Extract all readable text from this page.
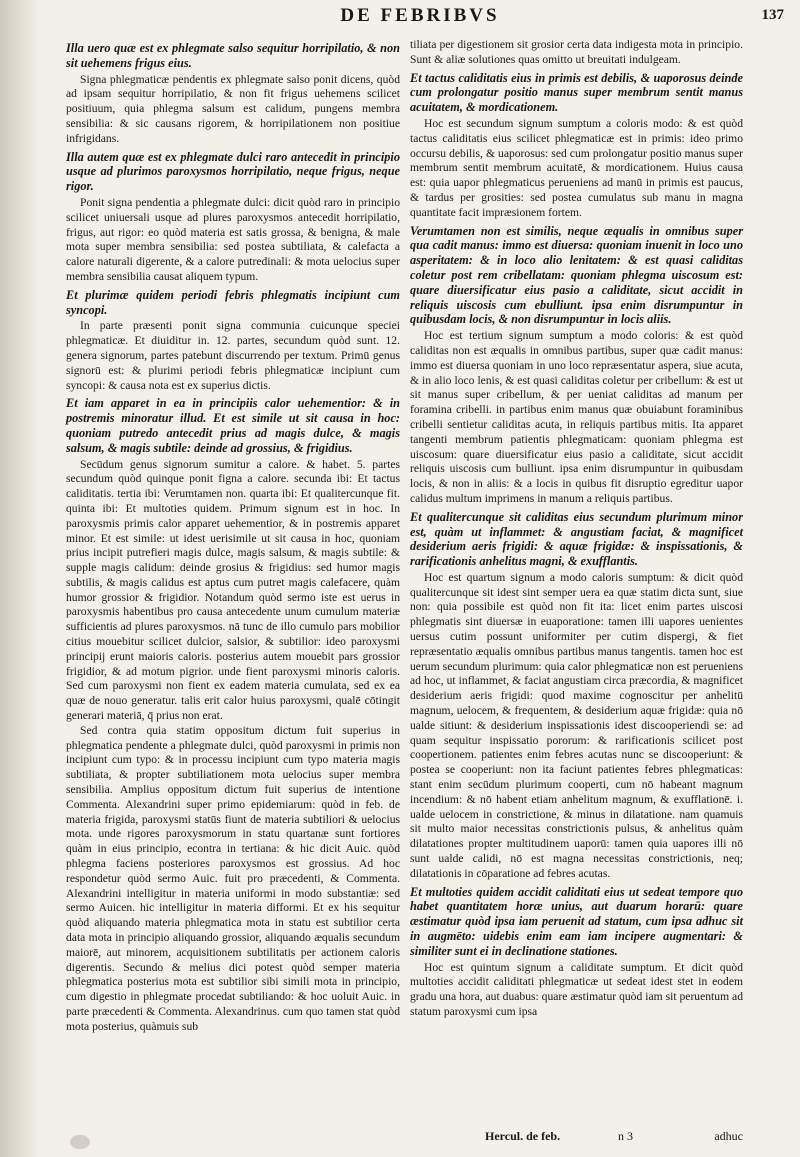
DE FEBRIBVS	137

Illa uero quæ est ex phlegmate salso sequitur horripilatio, & non sit uehemens frigus eius.

Signa phlegmaticæ pendentis ex phlegmate salso ponit dicens, quòd ad ipsam sequitur horripilatio, & non fit frigus uehemens scilicet positiuum, quia phlegma salsum est calidum, pungens membra sensibilia: & sic causans rigorem, & horripilationem non positiue infrigidans.

Illa autem quæ est ex phlegmate dulci raro antecedit in principio usque ad plurimos paroxysmos horripilatio, neque frigus, neque rigor.

Ponit signa pendentia a phlegmate dulci: dicit quòd raro in principio scilicet uniuersali usque ad plures paroxysmos antecedit horripilatio, frigus, aut rigor: eo quòd materia est satis grossa, & benigna, & male mota super membra sensibilia: sed postea subtiliata, & calefacta a calore naturali digerente, & a calore putredinali: & mota uelocius super membra sensibilia causat aliquem typum.

Et plurimæ quidem periodi febris phlegmatis incipiunt cum syncopi.

In parte præsenti ponit signa communia cuicunque speciei phlegmaticæ. Et diuiditur in. 12. partes, secundum quòd sunt. 12. genera signorum, partes patebunt discurrendo per textum. Primū genus signorū est: & plurimi periodi febris phlegmaticæ incipiunt cum syncopi: & causa nota est ex superius dictis.

Et iam apparet in ea in principiis calor uehementior: & in postremis minoratur illud. Et est simile ut sit causa in hoc: quoniam putredo antecedit prius ad magis dulce, & magis salsum, & magis subtile: deinde ad grossius, & frigidius.

Secūdum genus signorum sumitur a calore. & habet. 5. partes secundum quòd quinque ponit figna a calore. secunda ibi: Et tactus caliditatis. tertia ibi: Verumtamen non. quarta ibi: Et qualitercunque fit. quinta ibi: Et multoties quidem. Primum signum est in hoc. In paroxysmis primis calor apparet uehementior, & in postremis apparet minor. Et est simile: ut idest uerisimile ut sit causa in hoc, quoniam prius incipit putrefieri magis dulce, magis salsum, & magis subtile: & supple magis calidum: deinde grosius & frigidius: sed humor magis subtilis, & magis calidus est aptus cum putret magis calefacere, quàm humor grossior & frigidior. Notandum quòd sermo iste est uerus in paroxysmis habentibus pro causa antecedente unum cumulum materiæ sufficientis ad plures paroxysmos. nā tunc de illo cumulo pars mobilior citius mouebitur scilicet dulcior, salsior, & subtilior: ideo paroxysmi principij erunt maioris caloris. posterius autem mouebit pars grossior frigidior, & ad motum pigrior. unde fient paroxysmi minoris caloris. Sed cum paroxysmi non fient ex eadem materia cumulata, sed ex ea quæ de nouo generatur. talis erit calor huius paroxysmi, qualē cōtingit generari materiā, q̄ prius non erat.

Sed contra quia statim oppositum dictum fuit superius in phlegmatica pendente a phlegmate dulci, quòd paroxysmi in primis non incipiunt cum typo: & in processu incipiunt cum typo materia magis subtiliata, & propter subtiliationem mota uelocius super membra sensibilia. Amplius oppositum dictum fuit superius de intentione Commenta. Alexandrini super primo epidemiarum: quòd in feb. de materia frigida, paroxysmi statūs fiunt de materia subtiliori & uelocius mota. unde rigores paroxysmorum in statu quartanæ sunt fortiores quàm in eius principio, econtra in tertiana: & hic dicit Auic. quòd phlegma faciens posteriores paroxysmos est grossius. Ad hoc respondetur quòd sermo Auic. fuit pro præcedenti, & Commenta. Alexandrini intelligitur in materia uniformi in modo substantiæ: sed sermo Auicen. hic intelligitur in materia difformi. Et ex his sequitur quòd aliquando materia phlegmatica mota in statu est subtilior certa data mota in principio aliquando grossior, aliquando æqualis secundum maiorē, aut minorem, acquisitionem subtilitatis per actionem caloris digerentis. Secundo & melius dici potest quòd semper materia phlegmatica posterius mota est subtilior sibi simili mota in principio, cum digestio in phlegmate procedat subtiliando: & hoc uoluit Auic. in parte præcedenti & Commenta. Alexandrinus. cum quo tamen stat quòd mota posterius, quàmuis sub

tiliata per digestionem sit grosior certa data indigesta mota in principio. Sunt & aliæ solutiones quas omitto ut breuitati indulgeam.

Et tactus caliditatis eius in primis est debilis, & uaporosus deinde cum prolongatur positio manus super membrum sentit manus acuitatem, & mordicationem.

Hoc est secundum signum sumptum a coloris modo: & est quòd tactus caliditatis eius scilicet phlegmaticæ est in primis: ideo primo occursu debilis, & uaporosus: sed cum prolongatur positio manus super membrum sentit membrum acuitatē, & mordicationem. Huius causa est: quia uapor phlegmaticus perueniens ad manū in primis est paucus, & tardus per grosities: sed postea cumulatus sub manu in magna quantitate facit impræsionem fortem.

Verumtamen non est similis, neque æqualis in omnibus super qua cadit manus: immo est diuersa: quoniam inuenit in loco uno asperitatem: & in loco alio lenitatem: & est quasi caliditas coletur post rem cribellatam: quoniam phlegma uiscosum est: quare diuersificatur eius pasio a caliditate, sicut accidit in reliquis uiscosis cum ebulliunt. ipsa enim disrumpuntur in quibusdam locis, & non disrumpuntur in locis aliis.

Hoc est tertium signum sumptum a modo coloris: & est quòd caliditas non est æqualis in omnibus partibus, super quæ cadit manus: immo est diuersa quoniam in uno loco repræsentatur aspera, siue acuta, & in alio loco lenis, & est quasi caliditas coletur per cribellum: & est ut sit manus super cribellum, & per ueniat caliditas ad manum per foramina cribelli. in partibus enim manus quæ obuiabunt foraminibus cribelli sentietur caliditas acuta, in reliquis partibus mitis. Ita apparet tangenti membrum patientis phlegmaticam: quoniam phlegma est uiscosum: quare diuersificatur eius pasio a caliditate, sicut accidit reliquis uiscosis cum bulliunt. ipsa enim disrumpuntur in quibusdam locis, & non in aliis: & a locis in quibus fit disruptio egreditur uapor calidus multum imprimens in manum a reliquis partibus.

Et qualitercunque sit caliditas eius secundum plurimum minor est, quàm ut inflammet: & angustiam faciat, & magnificet desiderium aeris frigidi: & aquæ frigidæ: & inspissationis, & rarificationis anhelitus magni, & exufflantis.

Hoc est quartum signum a modo caloris sumptum: & dicit quòd qualitercunque sit idest sint semper uera ea quæ statim dicta sunt, siue non: quia possibile est quòd non fit ita: licet enim partes uiscosi phlegmatis sint diuersæ in euaporatione: tamen illi uapores uenientes uersus cutim possunt uniformiter per cutim dispergi, & fiet repræsentatio æqualis omnibus partibus manus tangentis. tamen hoc est uerum secundum plurimum: quia calor phlegmaticæ non est perueniens ad hoc, ut inflammet, & faciat angustiam circa præcordia, & magnificet desiderium aeris frigidi: quod maxime cognoscitur per anhelitū magnum, uelocem, & frequentem, & desiderium aquæ frigidæ: quia nō ualde sitiunt: & desiderium inspissationis idest discooperiendi se: ad quam sequitur inspissatio pororum: & rarificationis scilicet post coopertionem. patientes enim febres acutas nunc se discooperiunt: & postea se cooperiunt: non ita faciunt patientes febres phlegmaticas: stant enim secūdum plurimum cooperti, cum nō habeant magnum incendium: & nō habent etiam anhelitum magnum, & exufflationē. i. ualde uelocem in constrictione, & minus in dilatatione. nam quamuis sit multo maior necessitas constrictionis pulsus, & anhelitus quàm dilatationes propter multitudinem uaporū: tamen quia uapores illi nō sunt ualde calidi, nō est magna necessitas constrictionis, neq; dilatationis in cōparatione ad febres acutas.

Et multoties quidem accidit caliditati eius ut sedeat tempore quo habet quantitatem horæ unius, aut duarum horarū: quare æstimatur quòd ipsa iam peruenit ad statum, cum ipsa adhuc sit in augmēto: uidebis enim eam iam incipere augmentari: & similiter sunt ei in declinatione stationes.

Hoc est quintum signum a caliditate sumptum. Et dicit quòd multoties accidit caliditati phlegmaticæ ut sedeat idest stet in eodem gradu una hora, aut duabus: quare æstimatur quòd iam sit peruentum ad statum paroxysmi cum ipsa

Hercul. de feb.	n 3	adhuc
